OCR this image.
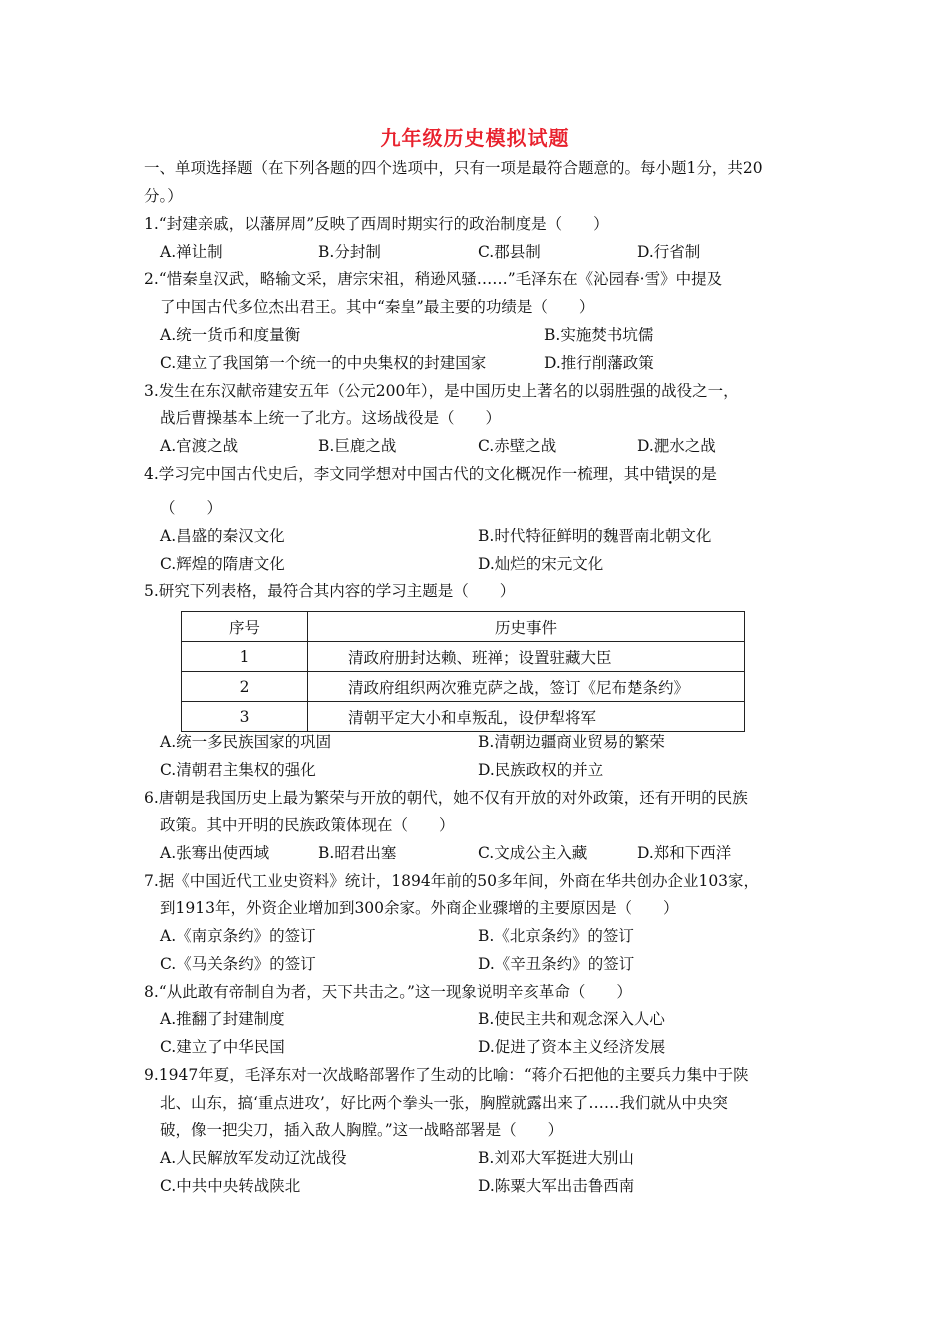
九年级历史模拟试题
一、单项选择题（在下列各题的四个选项中，只有一项是最符合题意的。每小题1分，共20
分。）
1.“封建亲戚，以藩屏周”反映了西周时期实行的政治制度是（　　）
A.禅让制	B.分封制	C.郡县制	D.行省制
2.“惜秦皇汉武，略输文采，唐宗宋祖，稍逊风骚……”毛泽东在《沁园春·雪》中提及
了中国古代多位杰出君王。其中“秦皇”最主要的功绩是（　　）
A.统一货币和度量衡	B.实施焚书坑儒
C.建立了我国第一个统一的中央集权的封建国家	D.推行削藩政策
3.发生在东汉献帝建安五年（公元200年），是中国历史上著名的以弱胜强的战役之一，
战后曹操基本上统一了北方。这场战役是（　　）
A.官渡之战	B.巨鹿之战	C.赤壁之战	D.淝水之战
4.学习完中国古代史后，李文同学想对中国古代的文化概况作一梳理，其中错误的是
（　　）
A.昌盛的秦汉文化	B.时代特征鲜明的魏晋南北朝文化
C.辉煌的隋唐文化	D.灿烂的宋元文化
5.研究下列表格，最符合其内容的学习主题是（　　）
序号	历史事件
1	清政府册封达赖、班禅；设置驻藏大臣
2	清政府组织两次雅克萨之战，签订《尼布楚条约》
3	清朝平定大小和卓叛乱，设伊犁将军
A.统一多民族国家的巩固	B.清朝边疆商业贸易的繁荣
C.清朝君主集权的强化	D.民族政权的并立
6.唐朝是我国历史上最为繁荣与开放的朝代，她不仅有开放的对外政策，还有开明的民族
政策。其中开明的民族政策体现在（　　）
A.张骞出使西域	B.昭君出塞	C.文成公主入藏	D.郑和下西洋
7.据《中国近代工业史资料》统计，1894年前的50多年间，外商在华共创办企业103家，
到1913年，外资企业增加到300余家。外商企业骤增的主要原因是（　　）
A.《南京条约》的签订	B.《北京条约》的签订
C.《马关条约》的签订	D.《辛丑条约》的签订
8.“从此敢有帝制自为者，天下共击之。”这一现象说明辛亥革命（　　）
A.推翻了封建制度	B.使民主共和观念深入人心
C.建立了中华民国	D.促进了资本主义经济发展
9.1947年夏，毛泽东对一次战略部署作了生动的比喻：“蒋介石把他的主要兵力集中于陕
北、山东，搞‘重点进攻’，好比两个拳头一张，胸膛就露出来了……我们就从中央突
破，像一把尖刀，插入敌人胸膛。”这一战略部署是（　　）
A.人民解放军发动辽沈战役	B.刘邓大军挺进大别山
C.中共中央转战陕北	D.陈粟大军出击鲁西南
